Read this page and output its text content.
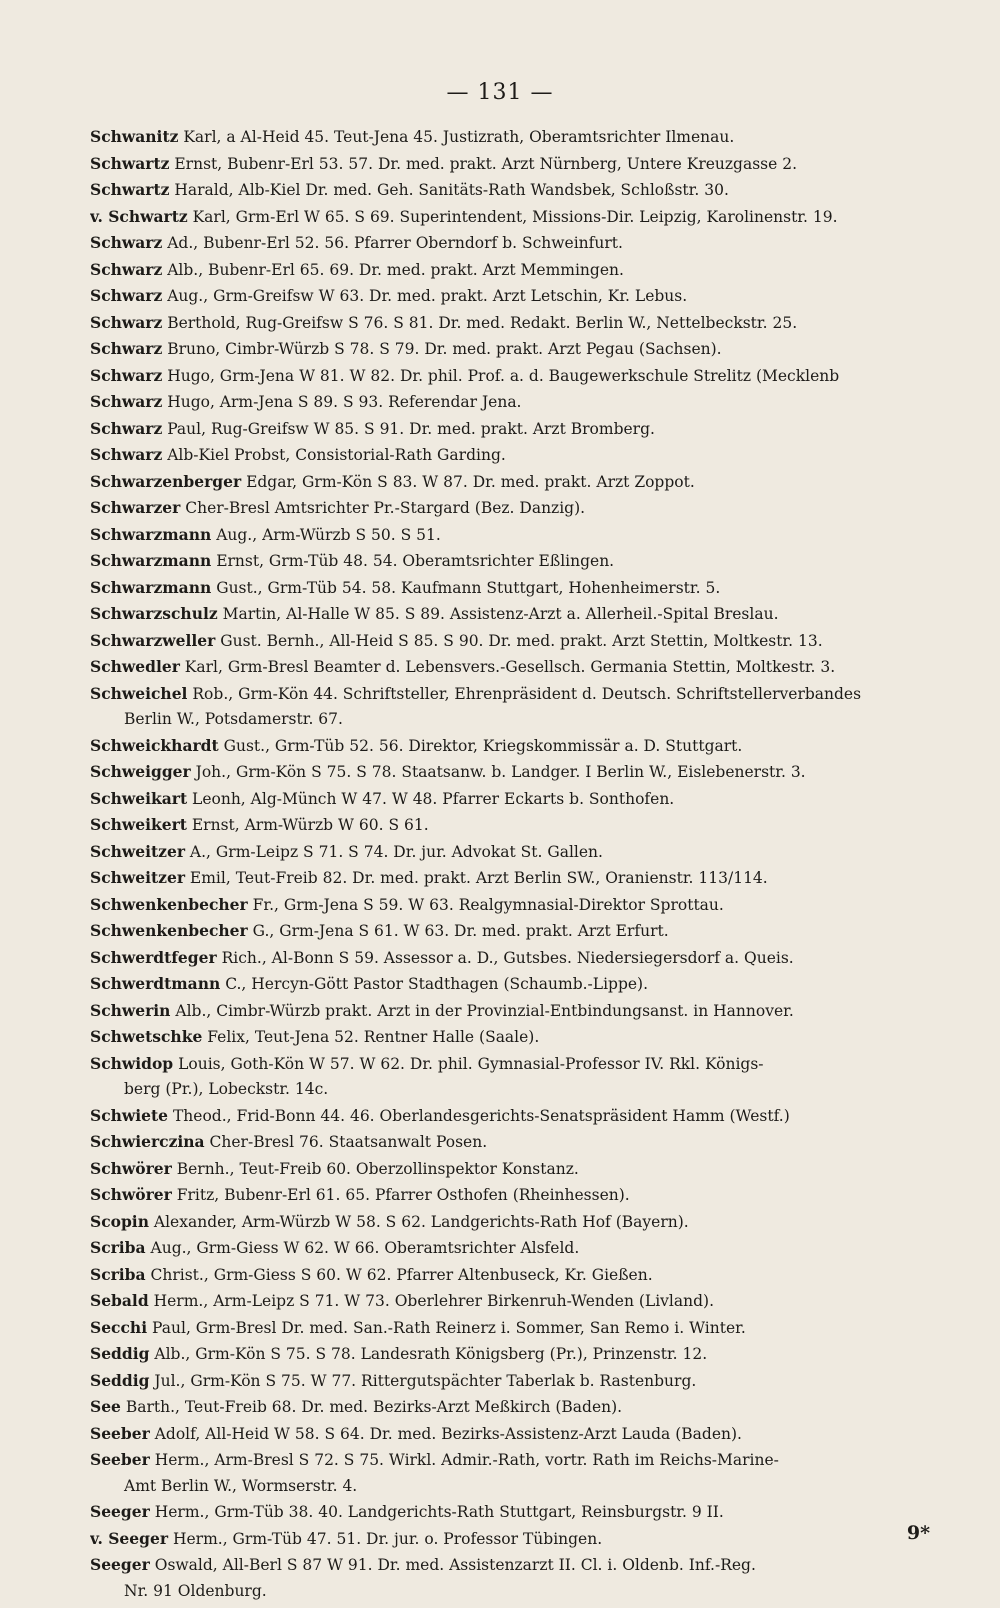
— 131 —
Schwanitz Karl, a Al-Heid 45. Teut-Jena 45. Justizrath, Oberamtsrichter Ilmenau.
Schwartz Ernst, Bubenr-Erl 53. 57. Dr. med. prakt. Arzt Nürnberg, Untere Kreuzgasse 2.
Schwartz Harald, Alb-Kiel Dr. med. Geh. Sanitäts-Rath Wandsbek, Schloßstr. 30.
v. Schwartz Karl, Grm-Erl W 65. S 69. Superintendent, Missions-Dir. Leipzig, Karolinenstr. 19.
Schwarz Ad., Bubenr-Erl 52. 56. Pfarrer Oberndorf b. Schweinfurt.
Schwarz Alb., Bubenr-Erl 65. 69. Dr. med. prakt. Arzt Memmingen.
Schwarz Aug., Grm-Greifsw W 63. Dr. med. prakt. Arzt Letschin, Kr. Lebus.
Schwarz Berthold, Rug-Greifsw S 76. S 81. Dr. med. Redakt. Berlin W., Nettelbeckstr. 25.
Schwarz Bruno, Cimbr-Würzb S 78. S 79. Dr. med. prakt. Arzt Pegau (Sachsen).
Schwarz Hugo, Grm-Jena W 81. W 82. Dr. phil. Prof. a. d. Baugewerkschule Strelitz (Mecklenb
Schwarz Hugo, Arm-Jena S 89. S 93. Referendar Jena.
Schwarz Paul, Rug-Greifsw W 85. S 91. Dr. med. prakt. Arzt Bromberg.
Schwarz Alb-Kiel Probst, Consistorial-Rath Garding.
Schwarzenberger Edgar, Grm-Kön S 83. W 87. Dr. med. prakt. Arzt Zoppot.
Schwarzer Cher-Bresl Amtsrichter Pr.-Stargard (Bez. Danzig).
Schwarzmann Aug., Arm-Würzb S 50. S 51.
Schwarzmann Ernst, Grm-Tüb 48. 54. Oberamtsrichter Eßlingen.
Schwarzmann Gust., Grm-Tüb 54. 58. Kaufmann Stuttgart, Hohenheimerstr. 5.
Schwarzschulz Martin, Al-Halle W 85. S 89. Assistenz-Arzt a. Allerheil.-Spital Breslau.
Schwarzweller Gust. Bernh., All-Heid S 85. S 90. Dr. med. prakt. Arzt Stettin, Moltkestr. 13.
Schwedler Karl, Grm-Bresl Beamter d. Lebensvers.-Gesellsch. Germania Stettin, Moltkestr. 3.
Schweichel Rob., Grm-Kön 44. Schriftsteller, Ehrenpräsident d. Deutsch. Schriftstellerverbandes
Berlin W., Potsdamerstr. 67.
Schweickhardt Gust., Grm-Tüb 52. 56. Direktor, Kriegskommissär a. D. Stuttgart.
Schweigger Joh., Grm-Kön S 75. S 78. Staatsanw. b. Landger. I Berlin W., Eislebenerstr. 3.
Schweikart Leonh, Alg-Münch W 47. W 48. Pfarrer Eckarts b. Sonthofen.
Schweikert Ernst, Arm-Würzb W 60. S 61.
Schweitzer A., Grm-Leipz S 71. S 74. Dr. jur. Advokat St. Gallen.
Schweitzer Emil, Teut-Freib 82. Dr. med. prakt. Arzt Berlin SW., Oranienstr. 113/114.
Schwenkenbecher Fr., Grm-Jena S 59. W 63. Realgymnasial-Direktor Sprottau.
Schwenkenbecher G., Grm-Jena S 61. W 63. Dr. med. prakt. Arzt Erfurt.
Schwerdtfeger Rich., Al-Bonn S 59. Assessor a. D., Gutsbes. Niedersiegersdorf a. Queis.
Schwerdtmann C., Hercyn-Gött Pastor Stadthagen (Schaumb.-Lippe).
Schwerin Alb., Cimbr-Würzb prakt. Arzt in der Provinzial-Entbindungsanst. in Hannover.
Schwetschke Felix, Teut-Jena 52. Rentner Halle (Saale).
Schwidop Louis, Goth-Kön W 57. W 62. Dr. phil. Gymnasial-Professor IV. Rkl. Königs-
berg (Pr.), Lobeckstr. 14c.
Schwiete Theod., Frid-Bonn 44. 46. Oberlandesgerichts-Senatspräsident Hamm (Westf.)
Schwierczina Cher-Bresl 76. Staatsanwalt Posen.
Schwörer Bernh., Teut-Freib 60. Oberzollinspektor Konstanz.
Schwörer Fritz, Bubenr-Erl 61. 65. Pfarrer Osthofen (Rheinhessen).
Scopin Alexander, Arm-Würzb W 58. S 62. Landgerichts-Rath Hof (Bayern).
Scriba Aug., Grm-Giess W 62. W 66. Oberamtsrichter Alsfeld.
Scriba Christ., Grm-Giess S 60. W 62. Pfarrer Altenbuseck, Kr. Gießen.
Sebald Herm., Arm-Leipz S 71. W 73. Oberlehrer Birkenruh-Wenden (Livland).
Secchi Paul, Grm-Bresl Dr. med. San.-Rath Reinerz i. Sommer, San Remo i. Winter.
Seddig Alb., Grm-Kön S 75. S 78. Landesrath Königsberg (Pr.), Prinzenstr. 12.
Seddig Jul., Grm-Kön S 75. W 77. Rittergutspächter Taberlak b. Rastenburg.
See Barth., Teut-Freib 68. Dr. med. Bezirks-Arzt Meßkirch (Baden).
Seeber Adolf, All-Heid W 58. S 64. Dr. med. Bezirks-Assistenz-Arzt Lauda (Baden).
Seeber Herm., Arm-Bresl S 72. S 75. Wirkl. Admir.-Rath, vortr. Rath im Reichs-Marine-
Amt Berlin W., Wormserstr. 4.
Seeger Herm., Grm-Tüb 38. 40. Landgerichts-Rath Stuttgart, Reinsburgstr. 9 II.
v. Seeger Herm., Grm-Tüb 47. 51. Dr. jur. o. Professor Tübingen.
Seeger Oswald, All-Berl S 87 W 91. Dr. med. Assistenzarzt II. Cl. i. Oldenb. Inf.-Reg.
Nr. 91 Oldenburg.
9*
